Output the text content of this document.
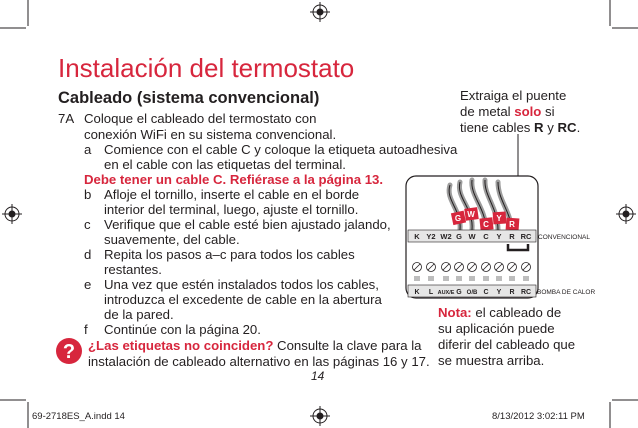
Instalación del termostato
Cableado (sistema convencional)
7A Coloque el cableado del termostato con
conexión WiFi en su sistema convencional.
a Comience con el cable C y coloque la etiqueta autoadhesiva
en el cable con las etiquetas del terminal.
Debe tener un cable C. Refiérase a la página 13.
b Afloje el tornillo, inserte el cable en el borde
interior del terminal, luego, ajuste el tornillo.
c Verifique que el cable esté bien ajustado jalando,
suavemente, del cable.
d Repita los pasos a–c para todos los cables
restantes.
e Una vez que estén instalados todos los cables,
introduzca el excedente de cable en la abertura
de la pared.
f Continúe con la página 20.
? ¿Las etiquetas no coinciden? Consulte la clave para la
instalación de cableado alternativo en las páginas 16 y 17.
14
Extraiga el puente
de metal solo si
tiene cables R y RC.
G W
C
Y
R
K Y2 W2 G W C Y R RC CONVENCIONAL
K L AUX/E G O/B C Y R RC BOMBA DE CALOR
Nota: el cableado de
su aplicación puede
diferir del cableado que
se muestra arriba.
69-2718ES_A.indd 14	8/13/2012 3:02:11 PM
